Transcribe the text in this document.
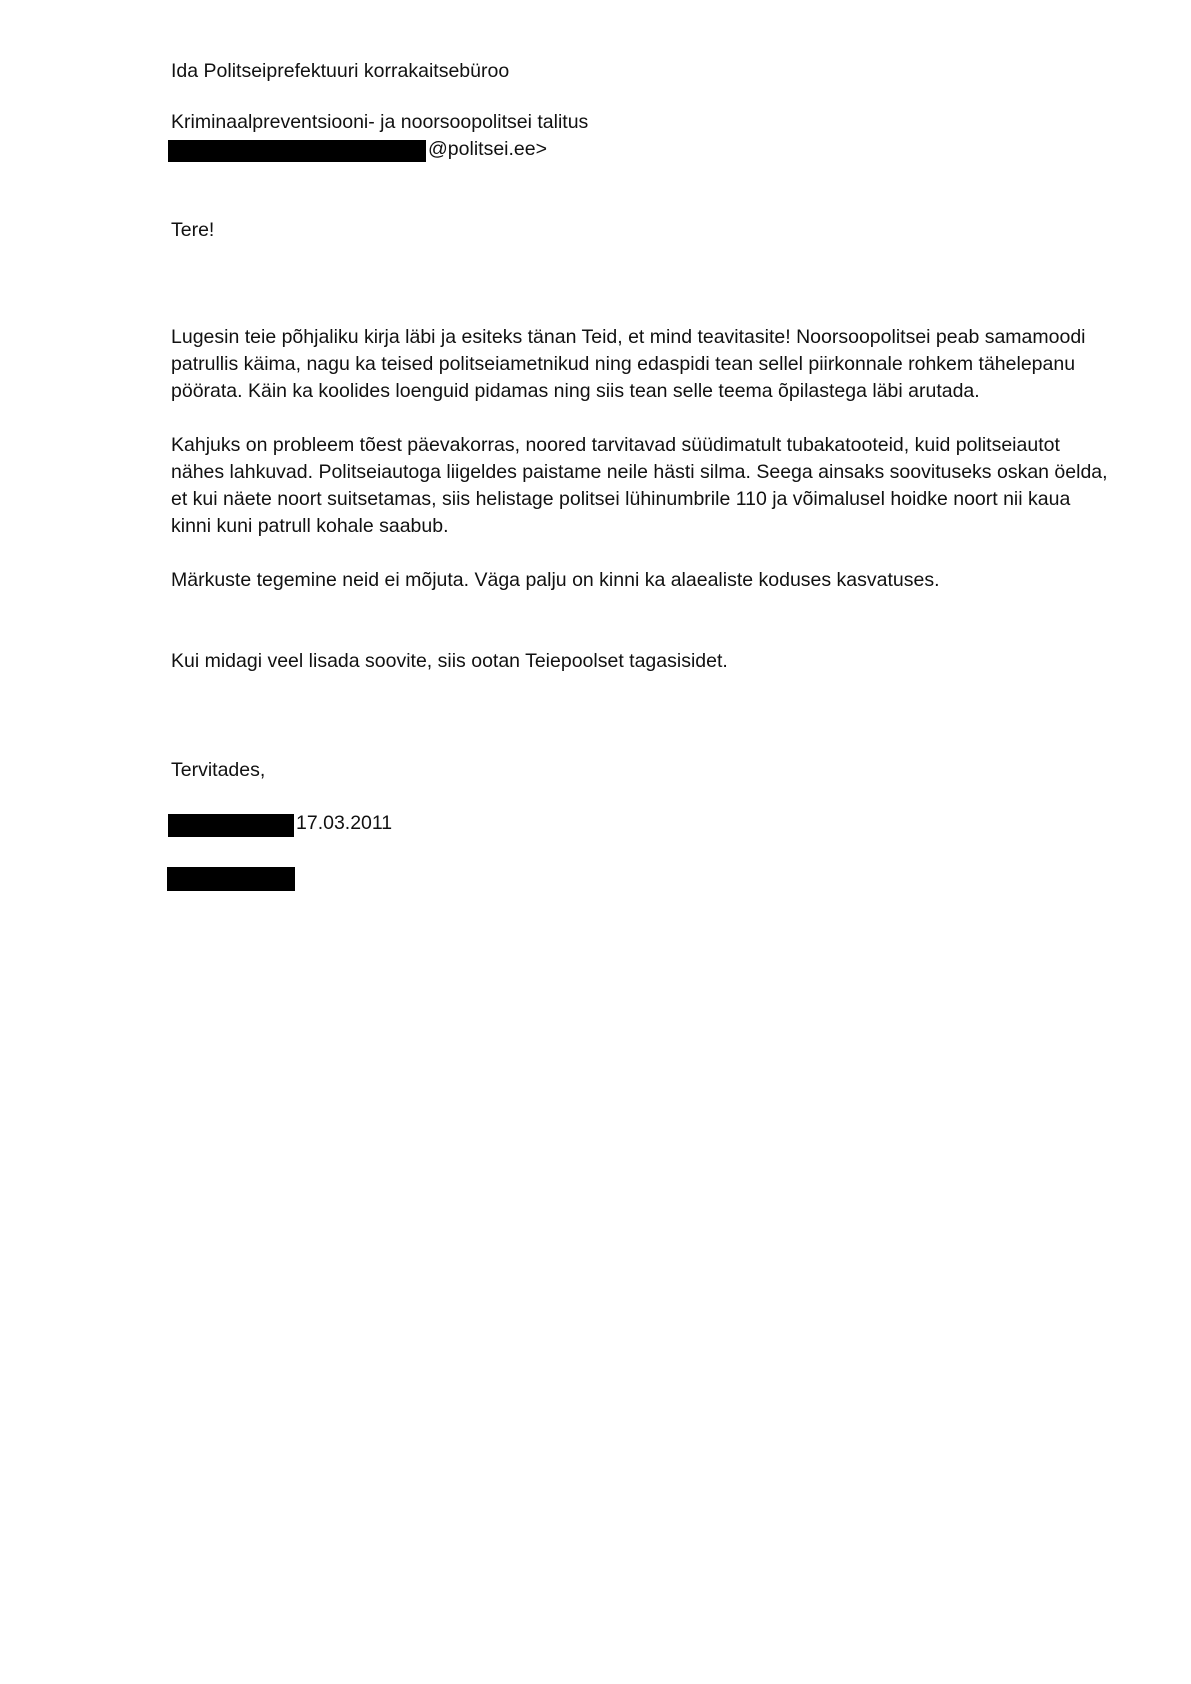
Ida Politseiprefektuuri korrakaitsebüroo
Kriminaalpreventsiooni- ja noorsoopolitsei talitus
@politsei.ee>
Tere!
Lugesin teie põhjaliku kirja läbi ja esiteks tänan Teid, et mind teavitasite! Noorsoopolitsei peab samamoodi
patrullis käima, nagu ka teised politseiametnikud ning edaspidi tean sellel piirkonnale rohkem tähelepanu
pöörata. Käin ka koolides loenguid pidamas ning siis tean selle teema õpilastega läbi arutada.
Kahjuks on probleem tõest päevakorras, noored tarvitavad süüdimatult tubakatooteid, kuid politseiautot
nähes lahkuvad. Politseiautoga liigeldes paistame neile hästi silma. Seega ainsaks soovituseks oskan öelda,
et kui näete noort suitsetamas, siis helistage politsei lühinumbrile 110 ja võimalusel hoidke noort nii kaua
kinni kuni patrull kohale saabub.
Märkuste tegemine neid ei mõjuta. Väga palju on kinni ka alaealiste koduses kasvatuses.
Kui midagi veel lisada soovite, siis ootan Teiepoolset tagasisidet.
Tervitades,
17.03.2011
